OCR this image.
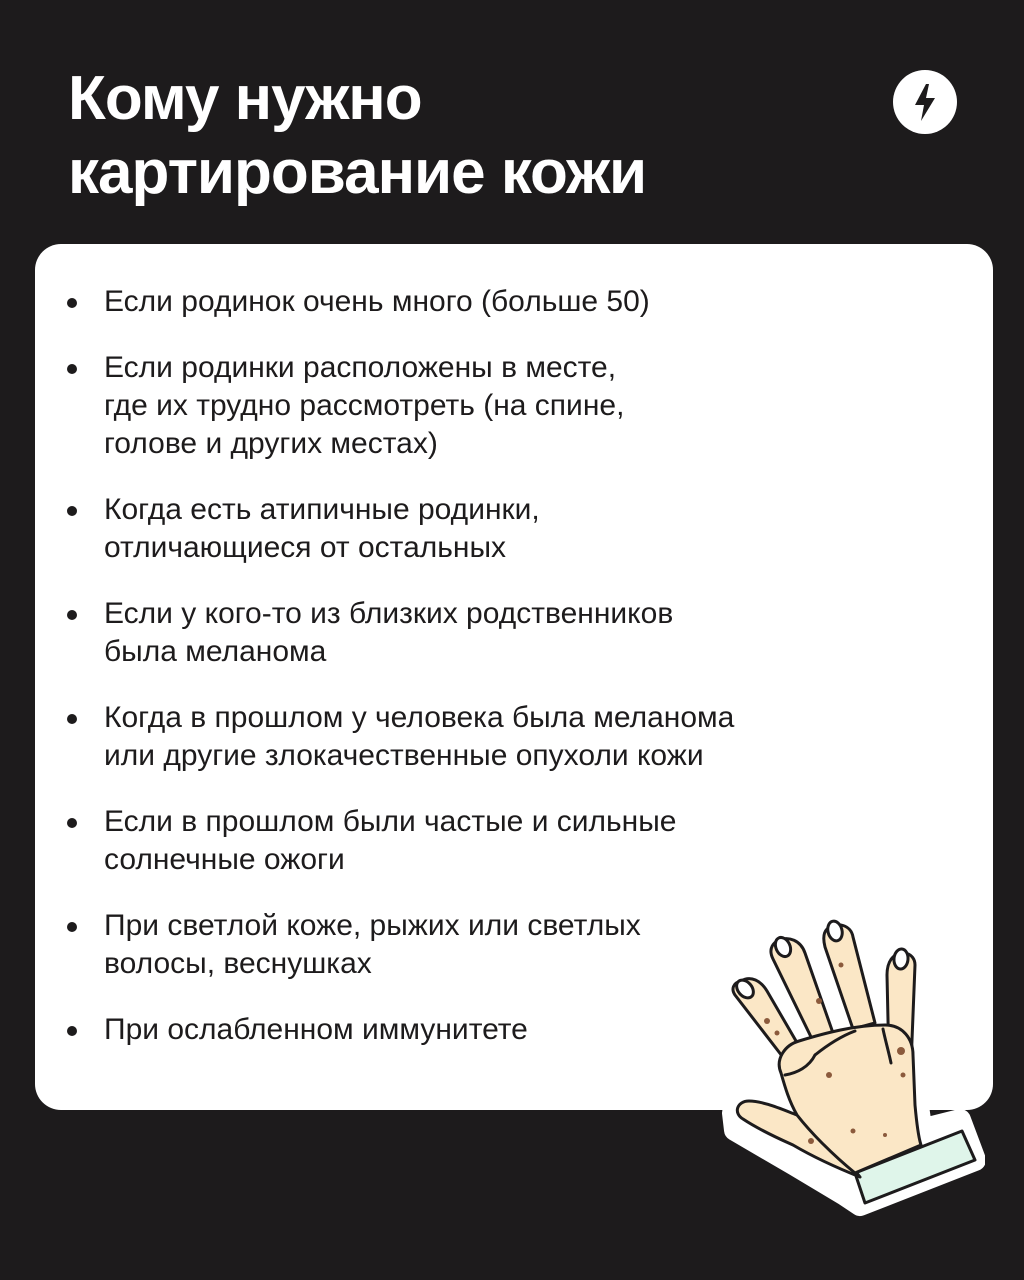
Кому нужно
картирование кожи
Если родинок очень много (больше 50)
Если родинки расположены в месте,
где их трудно рассмотреть (на спине,
голове и других местах)
Когда есть атипичные родинки,
отличающиеся от остальных
Если у кого-то из близких родственников
была меланома
Когда в прошлом у человека была меланома
или другие злокачественные опухоли кожи
Если в прошлом были частые и сильные
солнечные ожоги
При светлой коже, рыжих или светлых
волосы, веснушках
При ослабленном иммунитете
